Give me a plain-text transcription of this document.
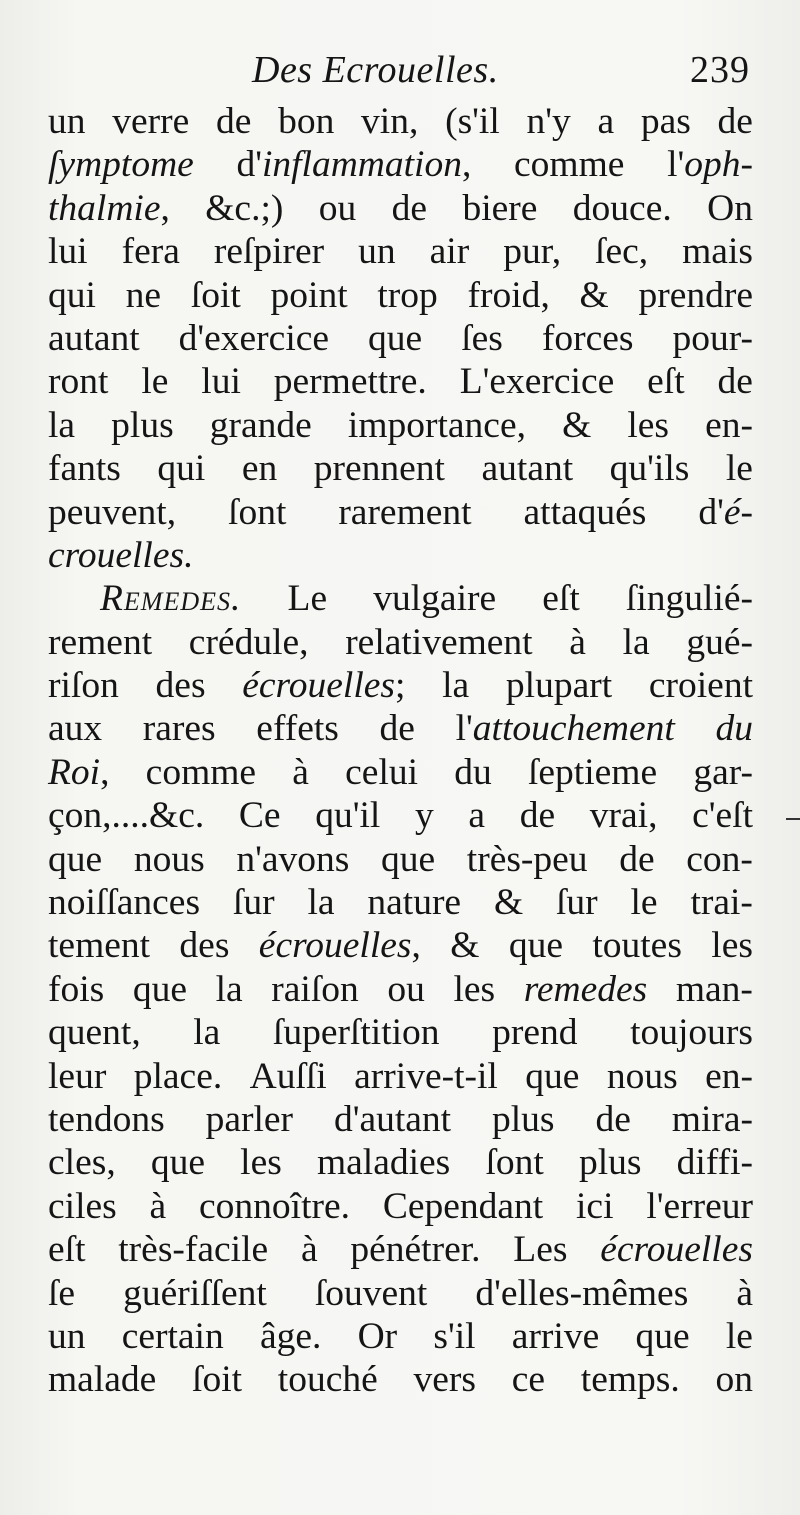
Des Ecrouelles.	239
un verre de bon vin, (s'il n'y a pas de
ſymptome d'inflammation, comme l'oph-
thalmie, &c.;) ou de biere douce. On
lui fera reſpirer un air pur, ſec, mais
qui ne ſoit point trop froid, & prendre
autant d'exercice que ſes forces pour-
ront le lui permettre. L'exercice eſt de
la plus grande importance, & les en-
fants qui en prennent autant qu'ils le
peuvent, ſont rarement attaqués d'é-
crouelles.
Remedes. Le vulgaire eſt ſingulié-
rement crédule, relativement à la gué-
riſon des écrouelles; la plupart croient
aux rares effets de l'attouchement du
Roi, comme à celui du ſeptieme gar-
çon,....&c. Ce qu'il y a de vrai, c'eſt
que nous n'avons que très-peu de con-
noiſſances ſur la nature & ſur le trai-
tement des écrouelles, & que toutes les
fois que la raiſon ou les remedes man-
quent, la ſuperſtition prend toujours
leur place. Auſſi arrive-t-il que nous en-
tendons parler d'autant plus de mira-
cles, que les maladies ſont plus diffi-
ciles à connoître. Cependant ici l'erreur
eſt très-facile à pénétrer. Les écrouelles
ſe guériſſent ſouvent d'elles-mêmes à
un certain âge. Or s'il arrive que le
malade ſoit touché vers ce temps. on
